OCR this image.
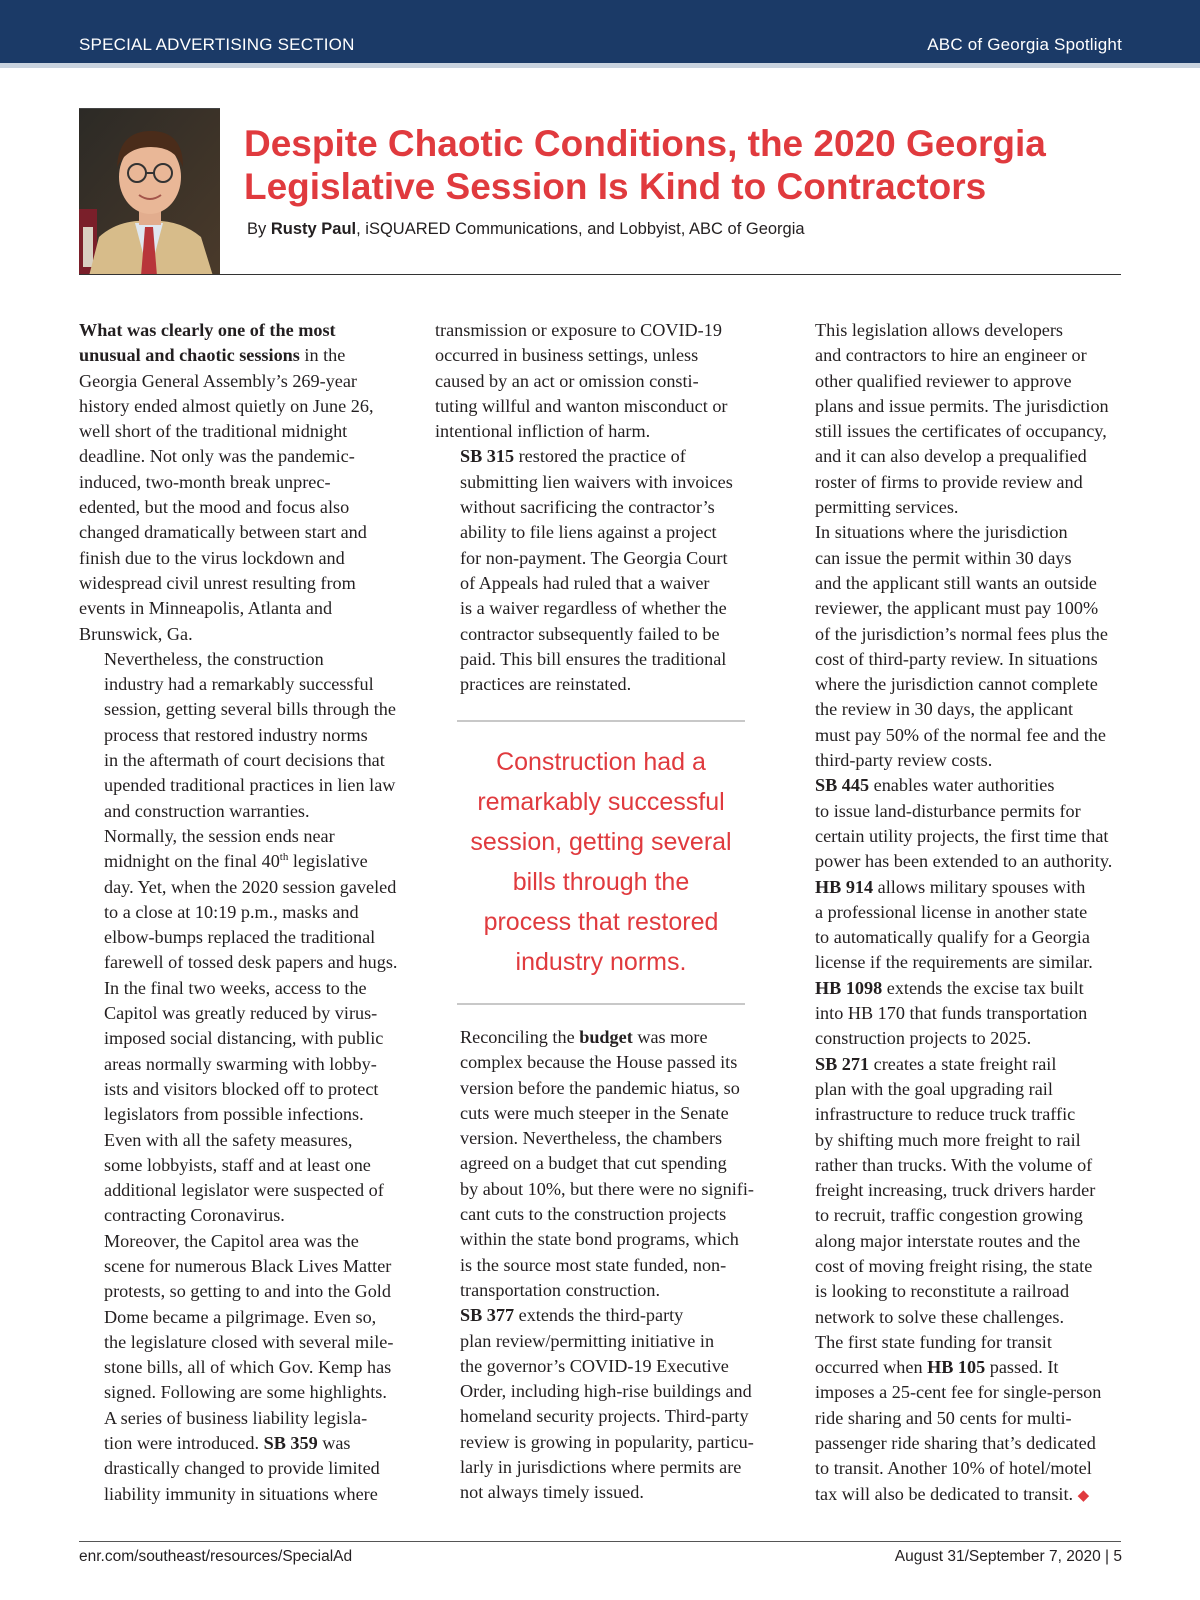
SPECIAL ADVERTISING SECTION	ABC of Georgia Spotlight
Despite Chaotic Conditions, the 2020 Georgia
Legislative Session Is Kind to Contractors
By Rusty Paul, iSQUARED Communications, and Lobbyist, ABC of Georgia

What was clearly one of the most
unusual and chaotic sessions in the
Georgia General Assembly’s 269-year
history ended almost quietly on June 26,
well short of the traditional midnight
deadline. Not only was the pandemic-
induced, two-month break unprec-
edented, but the mood and focus also
changed dramatically between start and
finish due to the virus lockdown and
widespread civil unrest resulting from
events in Minneapolis, Atlanta and
Brunswick, Ga.

Nevertheless, the construction
industry had a remarkably successful
session, getting several bills through the
process that restored industry norms
in the aftermath of court decisions that
upended traditional practices in lien law
and construction warranties.

Normally, the session ends near
midnight on the final 40th legislative
day. Yet, when the 2020 session gaveled
to a close at 10:19 p.m., masks and
elbow-bumps replaced the traditional
farewell of tossed desk papers and hugs.

In the final two weeks, access to the
Capitol was greatly reduced by virus-
imposed social distancing, with public
areas normally swarming with lobby-
ists and visitors blocked off to protect
legislators from possible infections.
Even with all the safety measures,
some lobbyists, staff and at least one
additional legislator were suspected of
contracting Coronavirus.

Moreover, the Capitol area was the
scene for numerous Black Lives Matter
protests, so getting to and into the Gold
Dome became a pilgrimage. Even so,
the legislature closed with several mile-
stone bills, all of which Gov. Kemp has
signed. Following are some highlights.

A series of business liability legisla-
tion were introduced. SB 359 was
drastically changed to provide limited
liability immunity in situations where

transmission or exposure to COVID-19
occurred in business settings, unless
caused by an act or omission consti-
tuting willful and wanton misconduct or
intentional infliction of harm.

SB 315 restored the practice of
submitting lien waivers with invoices
without sacrificing the contractor’s
ability to file liens against a project
for non-payment. The Georgia Court
of Appeals had ruled that a waiver
is a waiver regardless of whether the
contractor subsequently failed to be
paid. This bill ensures the traditional
practices are reinstated.

Construction had a
remarkably successful
session, getting several
bills through the
process that restored
industry norms.

Reconciling the budget was more
complex because the House passed its
version before the pandemic hiatus, so
cuts were much steeper in the Senate
version. Nevertheless, the chambers
agreed on a budget that cut spending
by about 10%, but there were no signifi-
cant cuts to the construction projects
within the state bond programs, which
is the source most state funded, non-
transportation construction.

SB 377 extends the third-party
plan review/permitting initiative in
the governor’s COVID-19 Executive
Order, including high-rise buildings and
homeland security projects. Third-party
review is growing in popularity, particu-
larly in jurisdictions where permits are
not always timely issued.

This legislation allows developers
and contractors to hire an engineer or
other qualified reviewer to approve
plans and issue permits. The jurisdiction
still issues the certificates of occupancy,
and it can also develop a prequalified
roster of firms to provide review and
permitting services.

In situations where the jurisdiction
can issue the permit within 30 days
and the applicant still wants an outside
reviewer, the applicant must pay 100%
of the jurisdiction’s normal fees plus the
cost of third-party review. In situations
where the jurisdiction cannot complete
the review in 30 days, the applicant
must pay 50% of the normal fee and the
third-party review costs.

SB 445 enables water authorities
to issue land-disturbance permits for
certain utility projects, the first time that
power has been extended to an authority.

HB 914 allows military spouses with
a professional license in another state
to automatically qualify for a Georgia
license if the requirements are similar.

HB 1098 extends the excise tax built
into HB 170 that funds transportation
construction projects to 2025.

SB 271 creates a state freight rail
plan with the goal upgrading rail
infrastructure to reduce truck traffic
by shifting much more freight to rail
rather than trucks. With the volume of
freight increasing, truck drivers harder
to recruit, traffic congestion growing
along major interstate routes and the
cost of moving freight rising, the state
is looking to reconstitute a railroad
network to solve these challenges.

The first state funding for transit
occurred when HB 105 passed. It
imposes a 25-cent fee for single-person
ride sharing and 50 cents for multi-
passenger ride sharing that’s dedicated
to transit. Another 10% of hotel/motel
tax will also be dedicated to transit. ◆

enr.com/southeast/resources/SpecialAd	August 31/September 7, 2020 | 5
